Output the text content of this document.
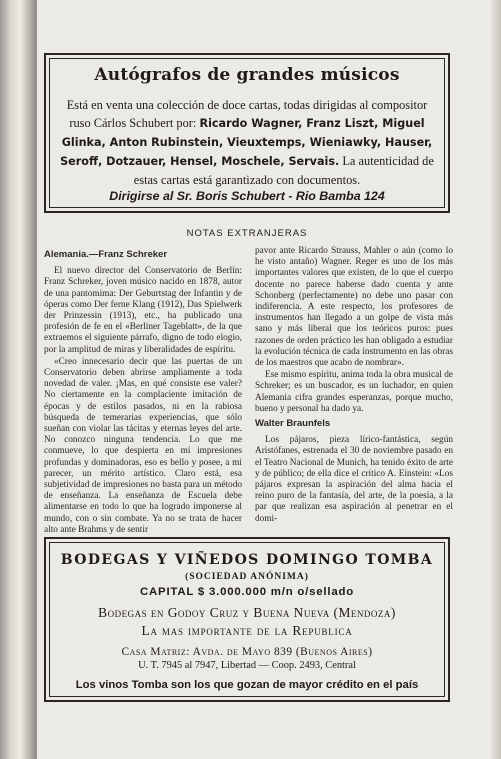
Autógrafos de grandes músicos
Está en venta una colección de doce cartas, todas dirigidas al compositor ruso Cárlos Schubert por: Ricardo Wagner, Franz Liszt, Miguel Glinka, Anton Rubinstein, Vieuxtemps, Wieniawky, Hauser, Seroff, Dotzauer, Hensel, Moschele, Servais. La autenticidad de estas cartas está garantizado con documentos.
Dirigirse al Sr. Boris Schubert - Rio Bamba 124
NOTAS EXTRANJERAS

Alemania.—Franz Schreker

El nuevo director del Conservatorio de Berlín: Franz Schreker, joven músico nacido en 1878, autor de una pantomima: Der Geburtstag der Infantin y de óperas como Der ferne Klang (1912), Das Spielwerk der Prinzessin (1913), etc., ha publicado una profesión de fe en el «Berliner Tageblatt», de la que extraemos el siguiente párrafo, digno de todo elogio, por la amplitud de miras y liberalidades de espíritu.

«Creo innecesario decir que las puertas de un Conservatorio deben abrirse ampliamente a toda novedad de valer. ¡Mas, en qué consiste ese valer? No ciertamente en la complaciente imitación de épocas y de estilos pasados, ni en la rabiosa búsqueda de temerarias experiencias, que sólo sueñan con violar las tácitas y eternas leyes del arte. No conozco ninguna tendencia. Lo que me conmueve, lo que despierta en mí impresiones profundas y dominadoras, eso es bello y posee, a mi parecer, un mérito artístico. Claro está, esa subjetividad de impresiones no basta para un método de enseñanza. La enseñanza de Escuela debe alimentarse en todo lo que ha logrado imponerse al mundo, con o sin combate. Ya no se trata de hacer alto ante Brahms y de sentir

pavor ante Ricardo Strauss, Mahler o aún (como lo he visto antaño) Wagner. Reger es uno de los más importantes valores que existen, de lo que el cuerpo docente no parece haberse dado cuenta y ante Schonberg (perfectamente) no debe uno pasar con indiferencia. A este respecto, los profesores de instrumentos han llegado a un golpe de vista más sano y más liberal que los teóricos puros: pues razones de orden práctico les han obligado a estudiar la evolución técnica de cada instrumento en las obras de los maestros que acabo de nombrar».

Ese mismo espíritu, anima toda la obra musical de Schreker; es un buscador, es un luchador, en quien Alemania cifra grandes esperanzas, porque mucho, bueno y personal ha dado ya.

Walter Braunfels

Los pájaros, pieza lírico-fantástica, según Aristófanes, estrenada el 30 de noviembre pasado en el Teatro Nacional de Munich, ha tenido éxito de arte y de público; de ella dice el crítico A. Einstein: «Los pájaros expresan la aspiración del alma hacia el reino puro de la fantasía, del arte, de la poesía, a la par que realizan esa aspiración al penetrar en el domi-

BODEGAS Y VIÑEDOS DOMINGO TOMBA
(SOCIEDAD ANÓNIMA)
CAPITAL $ 3.000.000 m/n o/sellado
Bodegas en Godoy Cruz y Buena Nueva (Mendoza)
La mas importante de la Republica
Casa Matriz: Avda. de Mayo 839 (Buenos Aires)
U. T. 7945 al 7947, Libertad — Coop. 2493, Central
Los vinos Tomba son los que gozan de mayor crédito en el país
